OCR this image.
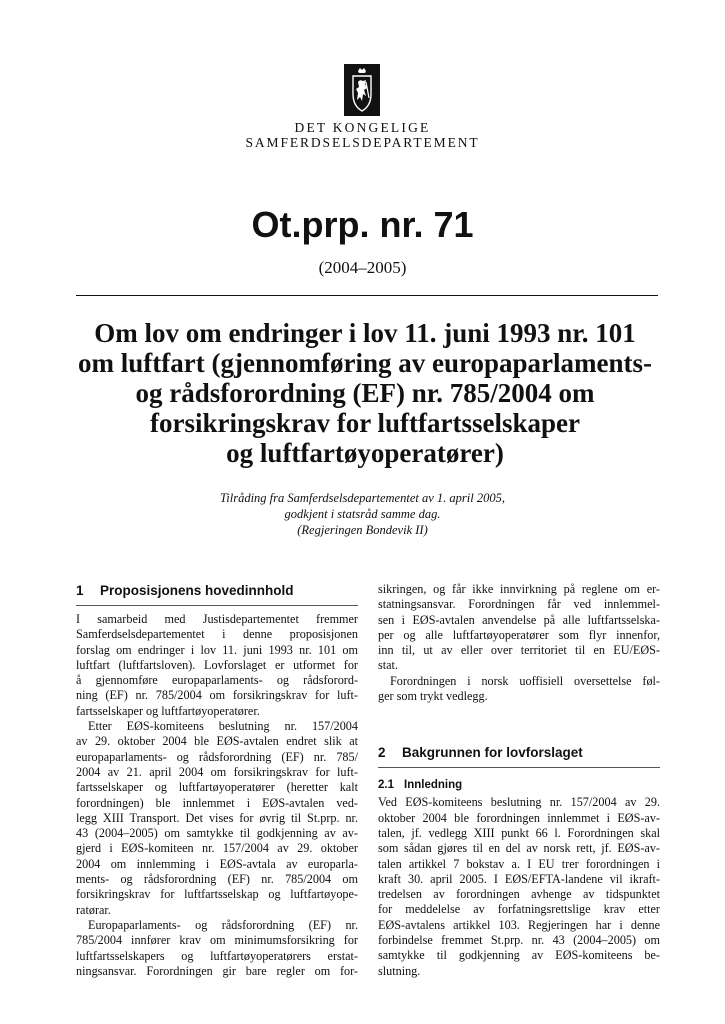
DET KONGELIGE
SAMFERDSELSDEPARTEMENT
Ot.prp. nr. 71
(2004–2005)
Om lov om endringer i lov 11. juni 1993 nr. 101
om luftfart (gjennomføring av europaparlaments-
og rådsforordning (EF) nr. 785/2004 om
forsikringskrav for luftfartsselskaper
og luftfartøyoperatører)
Tilråding fra Samferdselsdepartementet av 1. april 2005,
godkjent i statsråd samme dag.
(Regjeringen Bondevik II)
1 Proposisjonens hovedinnhold
I samarbeid med Justisdepartementet fremmer
Samferdselsdepartementet i denne proposisjonen
forslag om endringer i lov 11. juni 1993 nr. 101 om
luftfart (luftfartsloven). Lovforslaget er utformet for
å gjennomføre europaparlaments- og rådsforord-
ning (EF) nr. 785/2004 om forsikringskrav for luft-
fartsselskaper og luftfartøyoperatører.
Etter EØS-komiteens beslutning nr. 157/2004
av 29. oktober 2004 ble EØS-avtalen endret slik at
europaparlaments- og rådsforordning (EF) nr. 785/
2004 av 21. april 2004 om forsikringskrav for luft-
fartsselskaper og luftfartøyoperatører (heretter kalt
forordningen) ble innlemmet i EØS-avtalen ved-
legg XIII Transport. Det vises for øvrig til St.prp. nr.
43 (2004–2005) om samtykke til godkjenning av av-
gjerd i EØS-komiteen nr. 157/2004 av 29. oktober
2004 om innlemming i EØS-avtala av europarla-
ments- og rådsforordning (EF) nr. 785/2004 om
forsikringskrav for luftfartsselskap og luftfartøyope-
ratørar.
Europaparlaments- og rådsforordning (EF) nr.
785/2004 innfører krav om minimumsforsikring for
luftfartsselskapers og luftfartøyoperatørers erstat-
ningsansvar. Forordningen gir bare regler om for-
sikringen, og får ikke innvirkning på reglene om er-
statningsansvar. Forordningen får ved innlemmel-
sen i EØS-avtalen anvendelse på alle luftfartsselska-
per og alle luftfartøyoperatører som flyr innenfor,
inn til, ut av eller over territoriet til en EU/EØS-
stat.
Forordningen i norsk uoffisiell oversettelse føl-
ger som trykt vedlegg.
2 Bakgrunnen for lovforslaget
2.1 Innledning
Ved EØS-komiteens beslutning nr. 157/2004 av 29.
oktober 2004 ble forordningen innlemmet i EØS-av-
talen, jf. vedlegg XIII punkt 66 l. Forordningen skal
som sådan gjøres til en del av norsk rett, jf. EØS-av-
talen artikkel 7 bokstav a. I EU trer forordningen i
kraft 30. april 2005. I EØS/EFTA-landene vil ikraft-
tredelsen av forordningen avhenge av tidspunktet
for meddelelse av forfatningsrettslige krav etter
EØS-avtalens artikkel 103. Regjeringen har i denne
forbindelse fremmet St.prp. nr. 43 (2004–2005) om
samtykke til godkjenning av EØS-komiteens be-
slutning.
